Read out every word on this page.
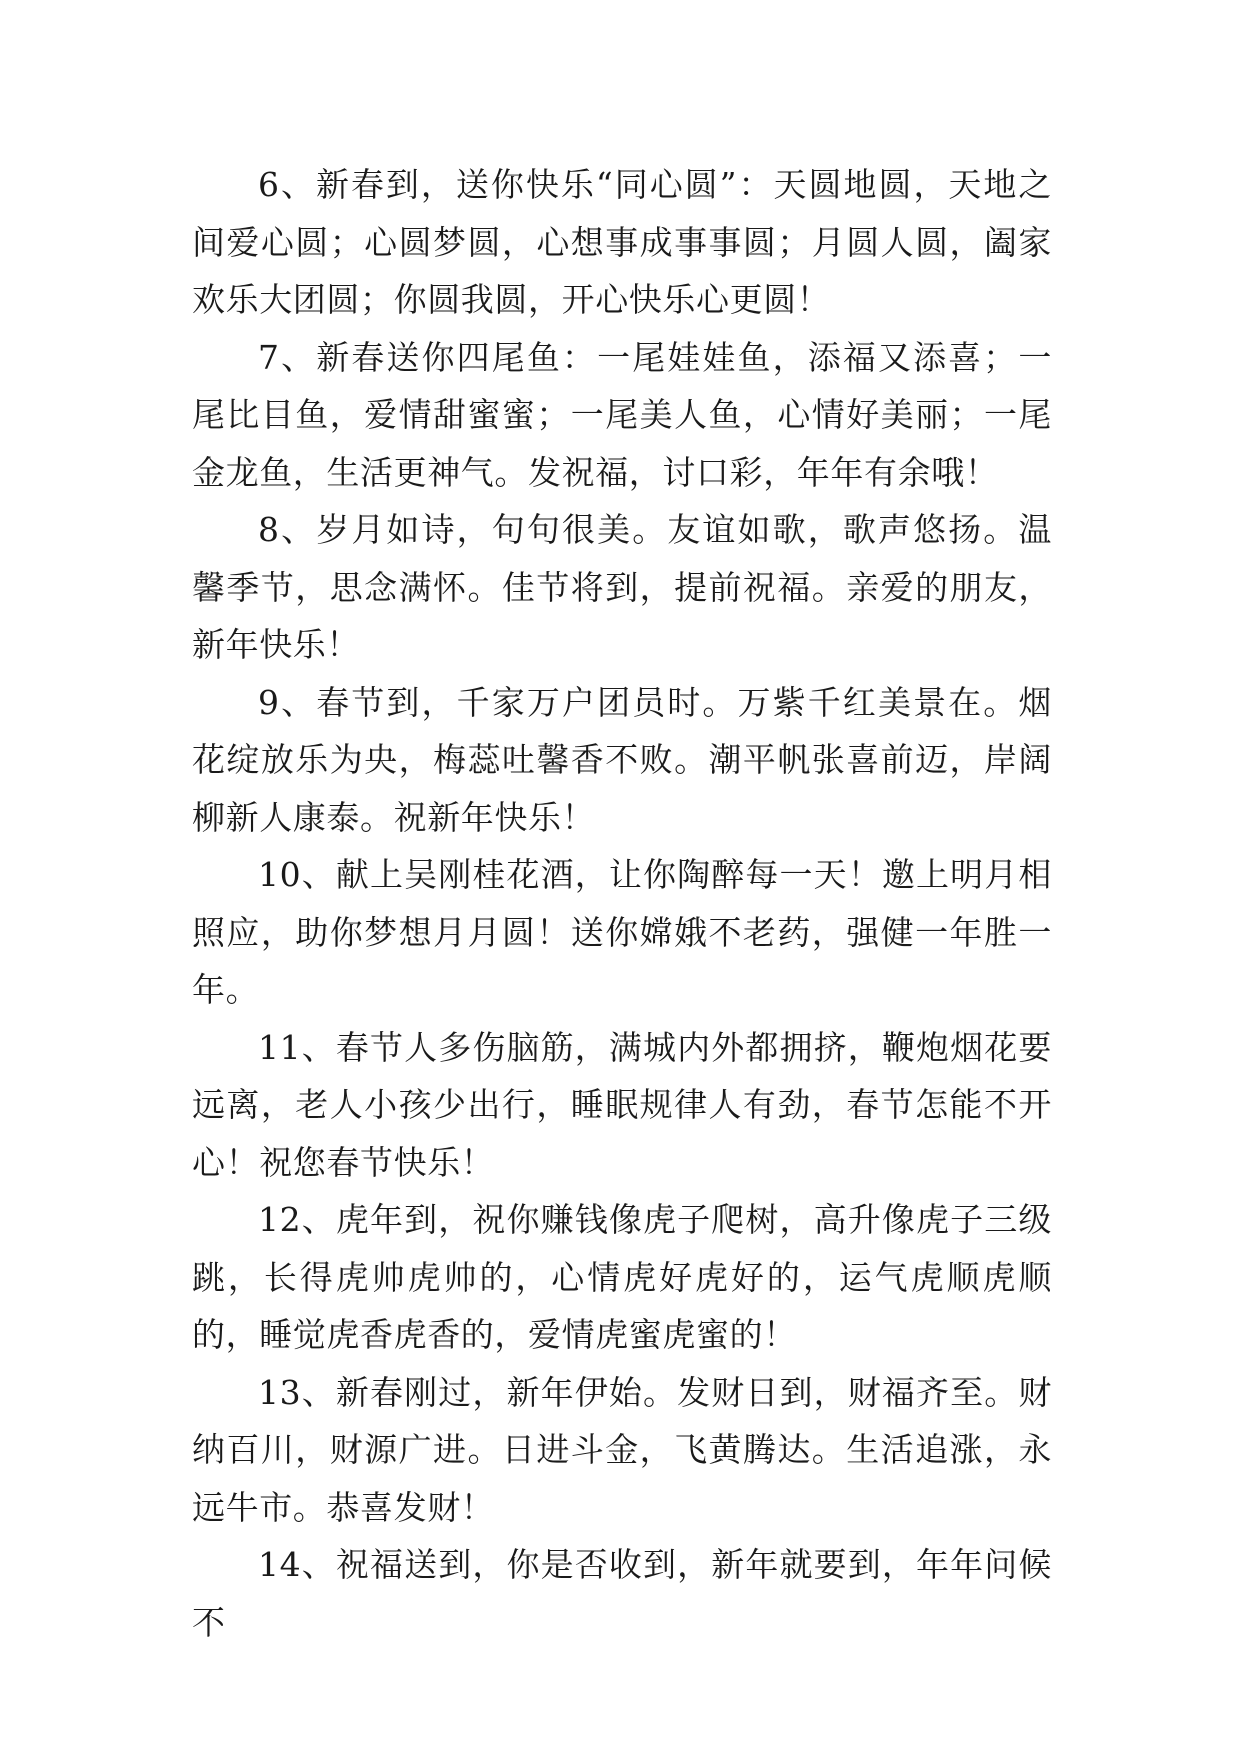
6、新春到，送你快乐“同心圆”：天圆地圆，天地之间爱心圆；心圆梦圆，心想事成事事圆；月圆人圆，阖家欢乐大团圆；你圆我圆，开心快乐心更圆！

7、新春送你四尾鱼：一尾娃娃鱼，添福又添喜；一尾比目鱼，爱情甜蜜蜜；一尾美人鱼，心情好美丽；一尾金龙鱼，生活更神气。发祝福，讨口彩，年年有余哦！

8、岁月如诗，句句很美。友谊如歌，歌声悠扬。温馨季节，思念满怀。佳节将到，提前祝福。亲爱的朋友，新年快乐！

9、春节到，千家万户团员时。万紫千红美景在。烟花绽放乐为央，梅蕊吐馨香不败。潮平帆张喜前迈，岸阔柳新人康泰。祝新年快乐！

10、献上吴刚桂花酒，让你陶醉每一天！邀上明月相照应，助你梦想月月圆！送你嫦娥不老药，强健一年胜一年。

11、春节人多伤脑筋，满城内外都拥挤，鞭炮烟花要远离，老人小孩少出行，睡眠规律人有劲，春节怎能不开心！祝您春节快乐！

12、虎年到，祝你赚钱像虎子爬树，高升像虎子三级跳，长得虎帅虎帅的，心情虎好虎好的，运气虎顺虎顺的，睡觉虎香虎香的，爱情虎蜜虎蜜的！

13、新春刚过，新年伊始。发财日到，财福齐至。财纳百川，财源广进。日进斗金，飞黄腾达。生活追涨，永远牛市。恭喜发财！

14、祝福送到，你是否收到，新年就要到，年年问候不
